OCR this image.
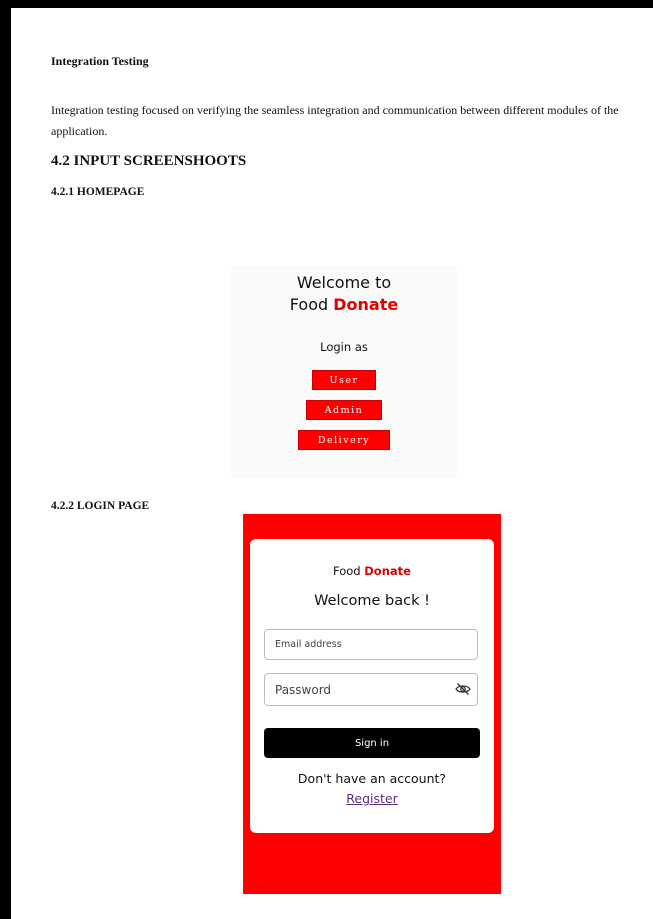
Integration Testing
Integration testing focused on verifying the seamless integration and communication between different modules of the application.
4.2 INPUT SCREENSHOOTS
4.2.1 HOMEPAGE
Welcome to
Food Donate
Login as
User
Admin
Delivery
4.2.2 LOGIN PAGE
Food Donate
Welcome back !
Email address
Sign in
Don't have an account?
Register
